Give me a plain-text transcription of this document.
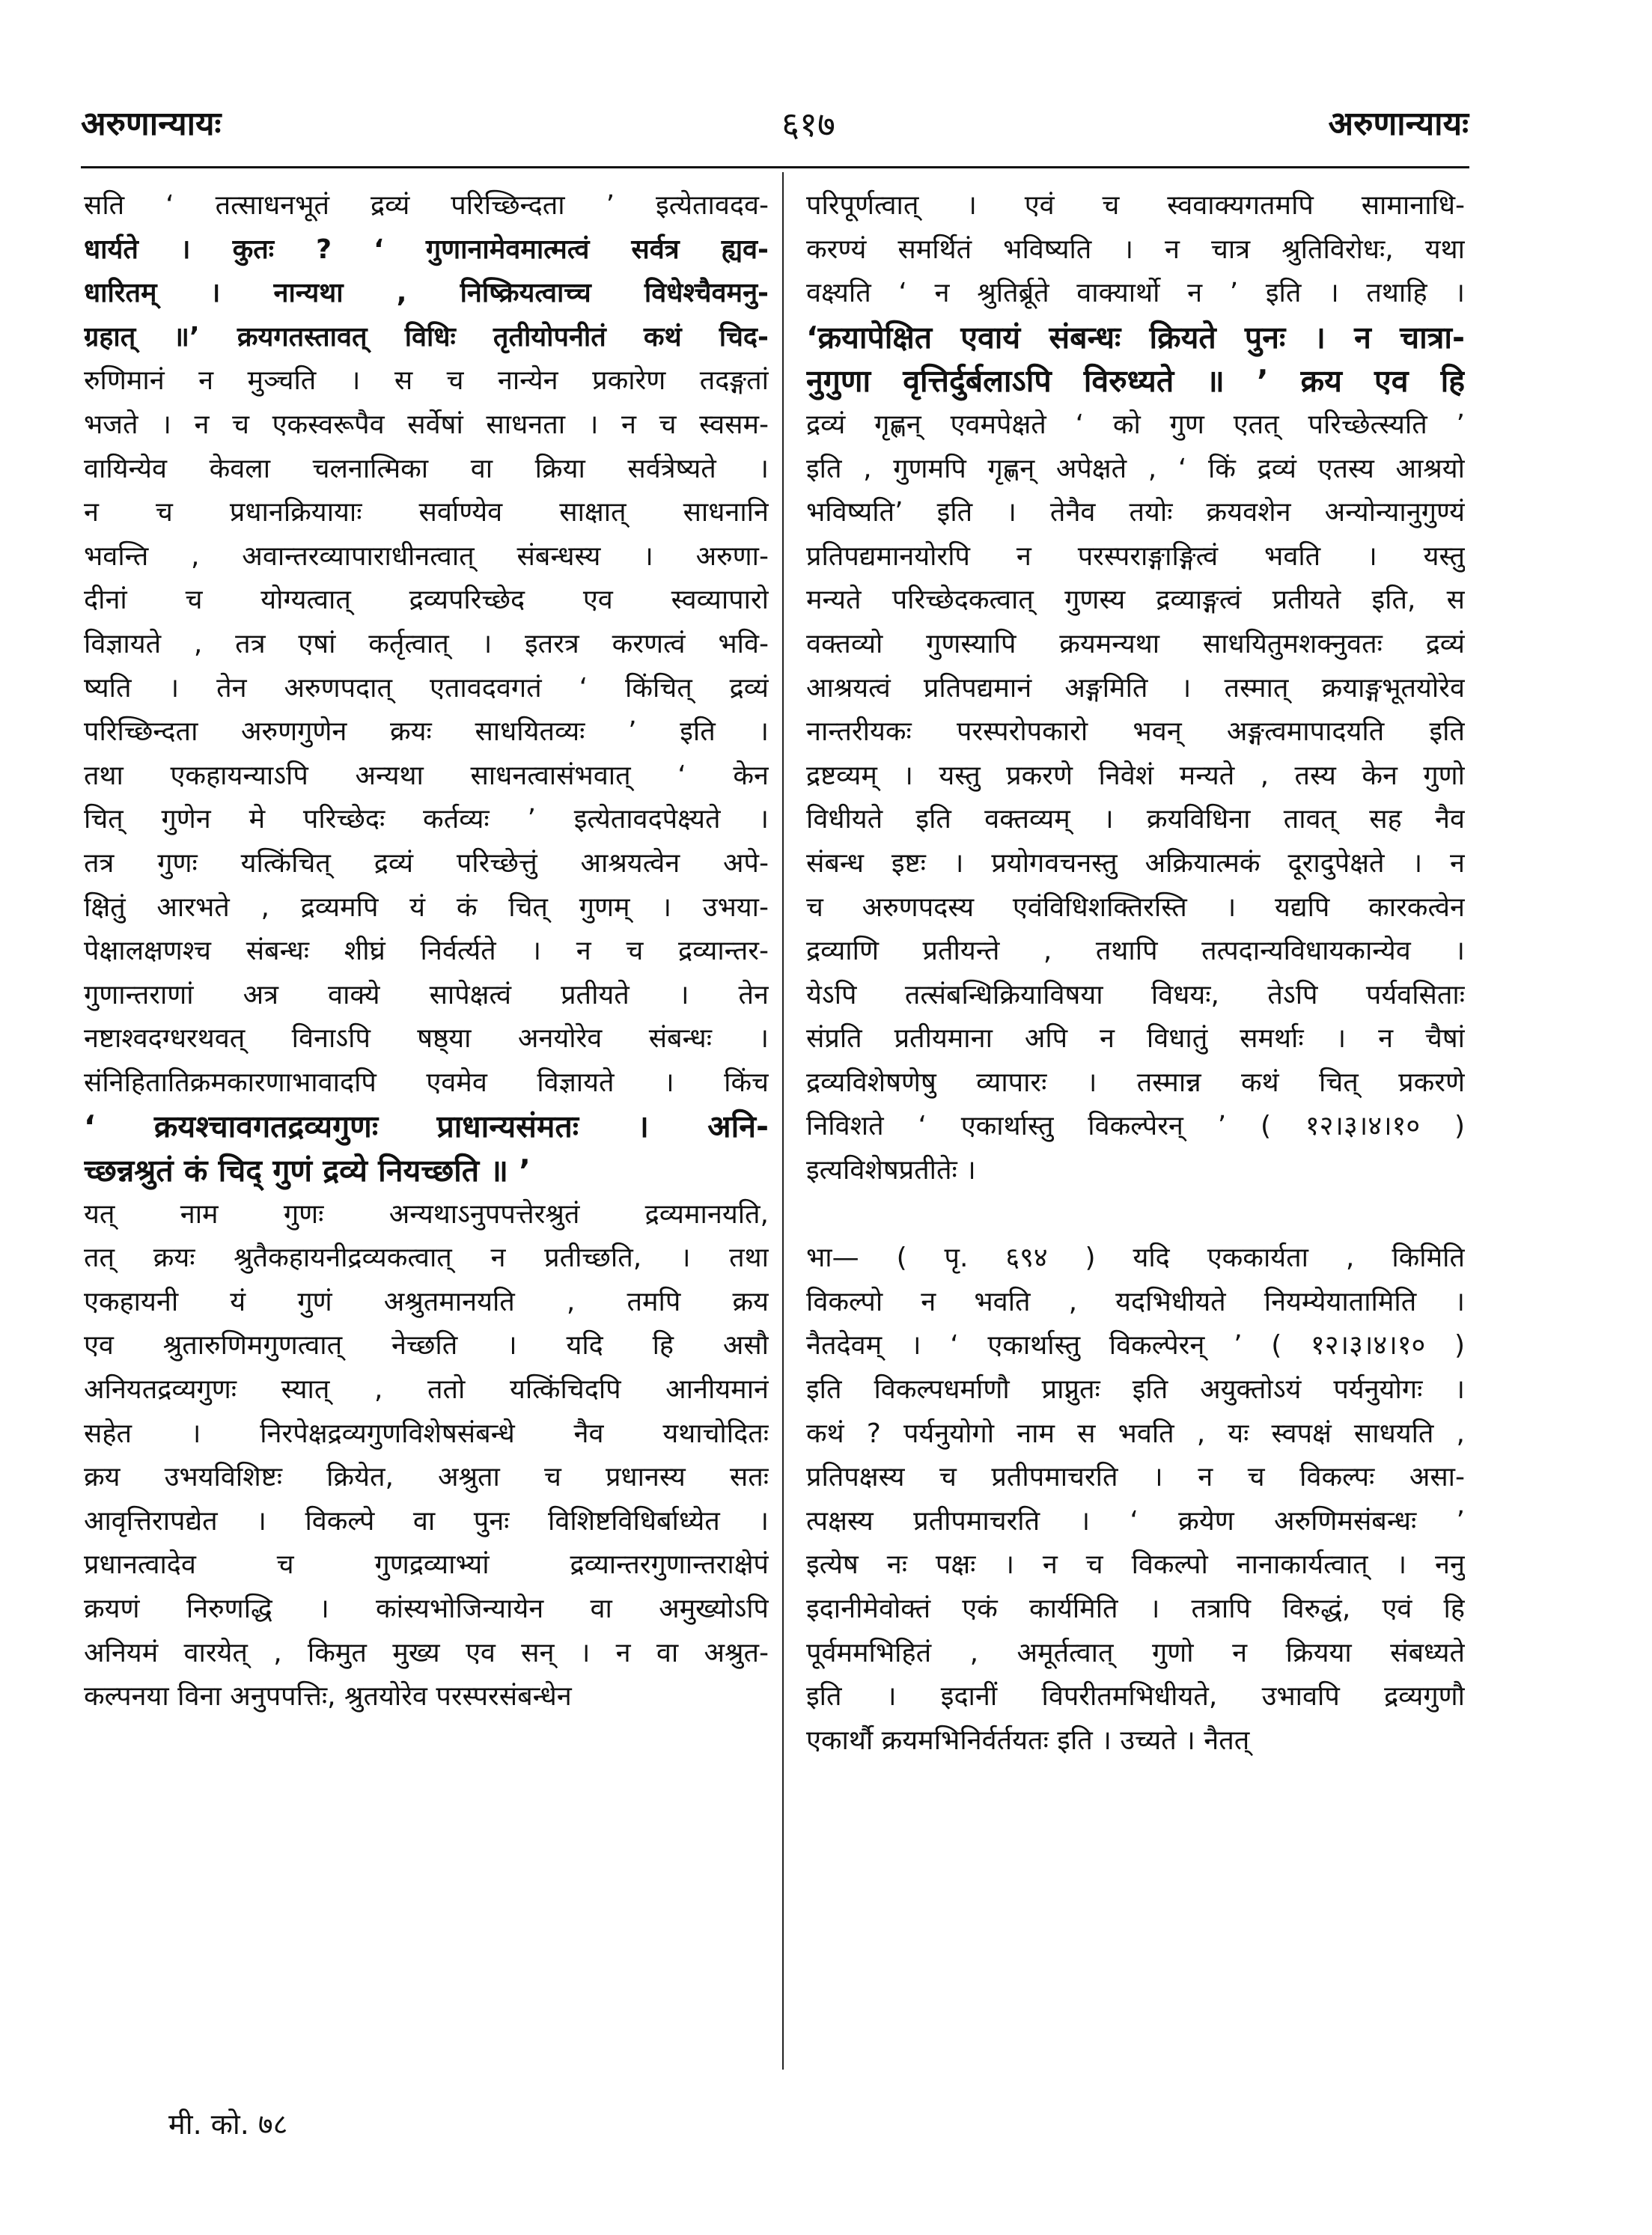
अरुणान्यायः	६१७	अरुणान्यायः
सति ‘ तत्साधनभूतं द्रव्यं परिच्छिन्दता ’ इत्येतावदव-
धार्यते । कुतः ? ‘ गुणानामेवमात्मत्वं सर्वत्र ह्यव-
धारितम् । नान्यथा , निष्क्रियत्वाच्च विधेश्चैवमनु-
ग्रहात् ॥’ क्रयगतस्तावत् विधिः तृतीयोपनीतं कथं चिद-
रुणिमानं न मुञ्चति । स च नान्येन प्रकारेण तदङ्गतां
भजते । न च एकस्वरूपैव सर्वेषां साधनता । न च स्वसम-
वायिन्येव केवला चलनात्मिका वा क्रिया सर्वत्रेष्यते ।
न च प्रधानक्रियायाः सर्वाण्येव साक्षात् साधनानि
भवन्ति , अवान्तरव्यापाराधीनत्वात् संबन्धस्य । अरुणा-
दीनां च योग्यत्वात् द्रव्यपरिच्छेद एव स्वव्यापारो
विज्ञायते , तत्र एषां कर्तृत्वात् । इतरत्र करणत्वं भवि-
ष्यति । तेन अरुणपदात् एतावदवगतं ‘ किंचित् द्रव्यं
परिच्छिन्दता अरुणगुणेन क्रयः साधयितव्यः ’ इति ।
तथा एकहायन्याऽपि अन्यथा साधनत्वासंभवात् ‘ केन
चित् गुणेन मे परिच्छेदः कर्तव्यः ’ इत्येतावदपेक्ष्यते ।
तत्र गुणः यत्किंचित् द्रव्यं परिच्छेत्तुं आश्रयत्वेन अपे-
क्षितुं आरभते , द्रव्यमपि यं कं चित् गुणम् । उभया-
पेक्षालक्षणश्च संबन्धः शीघ्रं निर्वर्त्यते । न च द्रव्यान्तर-
गुणान्तराणां अत्र वाक्ये सापेक्षत्वं प्रतीयते । तेन
नष्टाश्वदग्धरथवत् विनाऽपि षष्ठ्या अनयोरेव संबन्धः ।
संनिहितातिक्रमकारणाभावादपि एवमेव विज्ञायते । किंच
‘ क्रयश्चावगतद्रव्यगुणः प्राधान्यसंमतः । अनि-
च्छन्नश्रुतं कं चिद् गुणं द्रव्ये नियच्छति ॥ ’
यत् नाम गुणः अन्यथाऽनुपपत्तेरश्रुतं द्रव्यमानयति,
तत् क्रयः श्रुतैकहायनीद्रव्यकत्वात् न प्रतीच्छति, । तथा
एकहायनी यं गुणं अश्रुतमानयति , तमपि क्रय
एव श्रुतारुणिमगुणत्वात् नेच्छति । यदि हि असौ
अनियतद्रव्यगुणः स्यात् , ततो यत्किंचिदपि आनीयमानं
सहेत । निरपेक्षद्रव्यगुणविशेषसंबन्धे नैव यथाचोदितः
क्रय उभयविशिष्टः क्रियेत, अश्रुता च प्रधानस्य सतः
आवृत्तिरापद्येत । विकल्पे वा पुनः विशिष्टविधिर्बाध्येत ।
प्रधानत्वादेव च गुणद्रव्याभ्यां द्रव्यान्तरगुणान्तराक्षेपं
क्रयणं निरुणद्धि । कांस्यभोजिन्यायेन वा अमुख्योऽपि
अनियमं वारयेत् , किमुत मुख्य एव सन् । न वा अश्रुत-
कल्पनया विना अनुपपत्तिः, श्रुतयोरेव परस्परसंबन्धेन
परिपूर्णत्वात् । एवं च स्ववाक्यगतमपि सामानाधि-
करण्यं समर्थितं भविष्यति । न चात्र श्रुतिविरोधः, यथा
वक्ष्यति ‘ न श्रुतिर्ब्रूते वाक्यार्थो न ’ इति । तथाहि ।
‘क्रयापेक्षित एवायं संबन्धः क्रियते पुनः । न चात्रा-
नुगुणा वृत्तिर्दुर्बलाऽपि विरुध्यते ॥ ’ क्रय एव हि
द्रव्यं गृह्णन् एवमपेक्षते ‘ को गुण एतत् परिच्छेत्स्यति ’
इति , गुणमपि गृह्णन् अपेक्षते , ‘ किं द्रव्यं एतस्य आश्रयो
भविष्यति’ इति । तेनैव तयोः क्रयवशेन अन्योन्यानुगुण्यं
प्रतिपद्यमानयोरपि न परस्पराङ्गाङ्गित्वं भवति । यस्तु
मन्यते परिच्छेदकत्वात् गुणस्य द्रव्याङ्गत्वं प्रतीयते इति, स
वक्तव्यो गुणस्यापि क्रयमन्यथा साधयितुमशक्नुवतः द्रव्यं
आश्रयत्वं प्रतिपद्यमानं अङ्गमिति । तस्मात् क्रयाङ्गभूतयोरेव
नान्तरीयकः परस्परोपकारो भवन् अङ्गत्वमापादयति इति
द्रष्टव्यम् । यस्तु प्रकरणे निवेशं मन्यते , तस्य केन गुणो
विधीयते इति वक्तव्यम् । क्रयविधिना तावत् सह नैव
संबन्ध इष्टः । प्रयोगवचनस्तु अक्रियात्मकं दूरादुपेक्षते । न
च अरुणपदस्य एवंविधिशक्तिरस्ति । यद्यपि कारकत्वेन
द्रव्याणि प्रतीयन्ते , तथापि तत्पदान्यविधायकान्येव ।
येऽपि तत्संबन्धिक्रियाविषया विधयः, तेऽपि पर्यवसिताः
संप्रति प्रतीयमाना अपि न विधातुं समर्थाः । न चैषां
द्रव्यविशेषणेषु व्यापारः । तस्मान्न कथं चित् प्रकरणे
निविशते ‘ एकार्थास्तु विकल्पेरन् ’ ( १२।३।४।१० )
इत्यविशेषप्रतीतेः ।
भा— ( पृ. ६९४ ) यदि एककार्यता , किमिति
विकल्पो न भवति , यदभिधीयते नियम्येयातामिति ।
नैतदेवम् । ‘ एकार्थास्तु विकल्पेरन् ’ ( १२।३।४।१० )
इति विकल्पधर्माणौ प्राप्नुतः इति अयुक्तोऽयं पर्यनुयोगः ।
कथं ? पर्यनुयोगो नाम स भवति , यः स्वपक्षं साधयति ,
प्रतिपक्षस्य च प्रतीपमाचरति । न च विकल्पः असा-
त्पक्षस्य प्रतीपमाचरति । ‘ क्रयेण अरुणिमसंबन्धः ’
इत्येष नः पक्षः । न च विकल्पो नानाकार्यत्वात् । ननु
इदानीमेवोक्तं एकं कार्यमिति । तत्रापि विरुद्धं, एवं हि
पूर्वममभिहितं , अमूर्तत्वात् गुणो न क्रियया संबध्यते
इति । इदानीं विपरीतमभिधीयते, उभावपि द्रव्यगुणौ
एकार्थौ क्रयमभिनिर्वर्तयतः इति । उच्यते । नैतत्
मी. को. ७८
